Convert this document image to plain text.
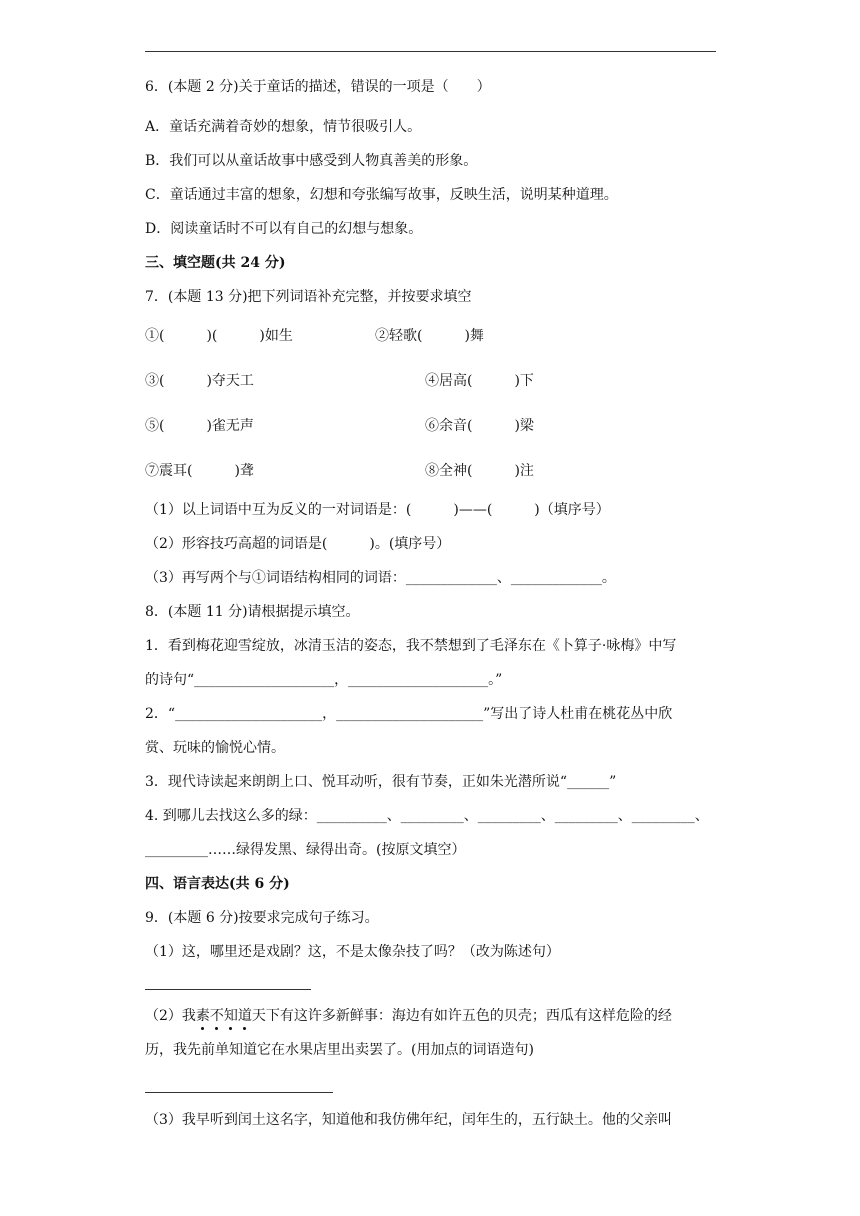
6．(本题 2 分)关于童话的描述，错误的一项是（　　）
A．童话充满着奇妙的想象，情节很吸引人。
B．我们可以从童话故事中感受到人物真善美的形象。
C．童话通过丰富的想象，幻想和夸张编写故事，反映生活，说明某种道理。
D．阅读童话时不可以有自己的幻想与想象。
三、填空题(共 24 分)
7．(本题 13 分)把下列词语补充完整，并按要求填空
①(　　　)(　　　)如生	②轻歌(　　　)舞
③(　　　)夺天工	④居高(　　　)下
⑤(　　　)雀无声	⑥余音(　　　)梁
⑦震耳(　　　)聋	⑧全神(　　　)注
（1）以上词语中互为反义的一对词语是：(　　　)——(　　　)（填序号）
（2）形容技巧高超的词语是(　　　)。(填序号）
（3）再写两个与①词语结构相同的词语：_____________、_____________。
8．(本题 11 分)请根据提示填空。
1．看到梅花迎雪绽放，冰清玉洁的姿态，我不禁想到了毛泽东在《卜算子·咏梅》中写
的诗句“____________________，____________________。”
2．“_____________________，_____________________”写出了诗人杜甫在桃花丛中欣
赏、玩味的愉悦心情。
3．现代诗读起来朗朗上口、悦耳动听，很有节奏，正如朱光潜所说“______”
4. 到哪儿去找这么多的绿：__________、_________、_________、_________、_________、
_________……绿得发黑、绿得出奇。(按原文填空）
四、语言表达(共 6 分)
9．(本题 6 分)按要求完成句子练习。
（1）这，哪里还是戏剧？这，不是太像杂技了吗？（改为陈述句）
（2）我素不知道天下有这许多新鲜事：海边有如许五色的贝壳；西瓜有这样危险的经
历，我先前单知道它在水果店里出卖罢了。(用加点的词语造句)
（3）我早听到闰土这名字，知道他和我仿佛年纪，闰年生的，五行缺土。他的父亲叫
